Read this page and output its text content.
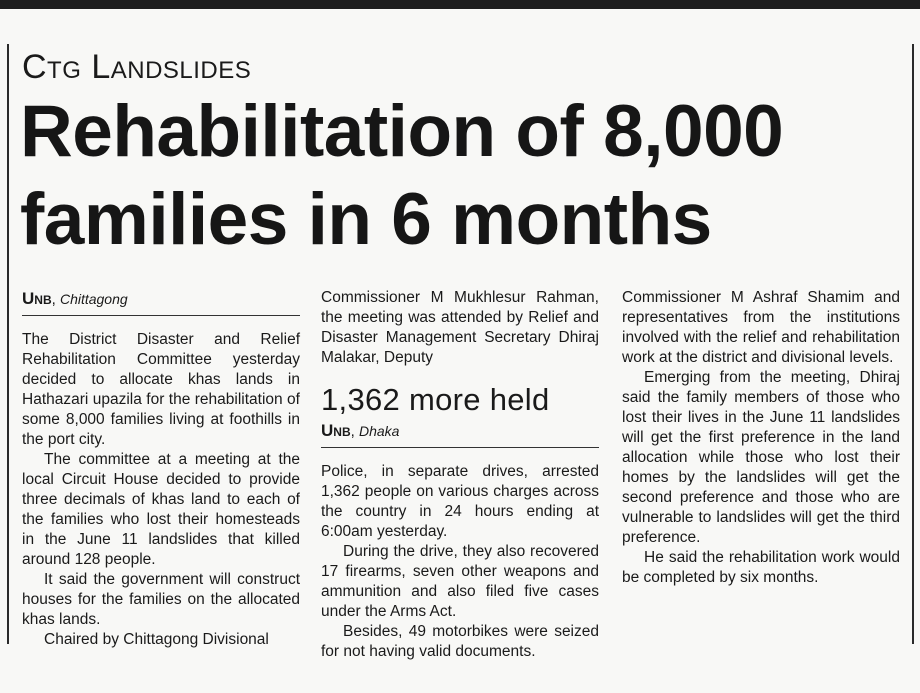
Ctg Landslides
Rehabilitation of 8,000 families in 6 months
Unb, Chittagong

The District Disaster and Relief Rehabilitation Committee yesterday decided to allocate khas lands in Hathazari upazila for the rehabilitation of some 8,000 families living at foothills in the port city.

The committee at a meeting at the local Circuit House decided to provide three decimals of khas land to each of the families who lost their homesteads in the June 11 landslides that killed around 128 people.

It said the government will construct houses for the families on the allocated khas lands.

Chaired by Chittagong Divisional

Commissioner M Mukhlesur Rahman, the meeting was attended by Relief and Disaster Management Secretary Dhiraj Malakar, Deputy

1,362 more held
Unb, Dhaka

Police, in separate drives, arrested 1,362 people on various charges across the country in 24 hours ending at 6:00am yesterday.

During the drive, they also recovered 17 firearms, seven other weapons and ammunition and also filed five cases under the Arms Act.

Besides, 49 motorbikes were seized for not having valid documents.

Commissioner M Ashraf Shamim and representatives from the institutions involved with the relief and rehabilitation work at the district and divisional levels.

Emerging from the meeting, Dhiraj said the family members of those who lost their lives in the June 11 landslides will get the first preference in the land allocation while those who lost their homes by the landslides will get the second preference and those who are vulnerable to landslides will get the third preference.

He said the rehabilitation work would be completed by six months.
